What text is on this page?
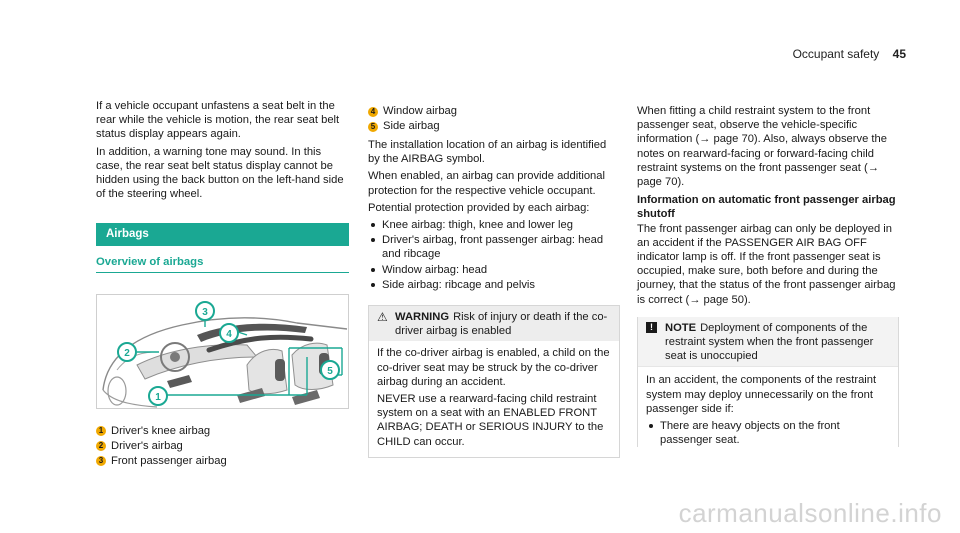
Occupant safety 45

If a vehicle occupant unfastens a seat belt in the rear while the vehicle is motion, the rear seat belt status display appears again.

In addition, a warning tone may sound. In this case, the rear seat belt status display cannot be hidden using the back button on the left-hand side of the steering wheel.

Airbags
Overview of airbags
1
2
3
4
5
1 Driver's knee airbag
2 Driver's airbag
3 Front passenger airbag
4 Window airbag
5 Side airbag

The installation location of an airbag is identified by the AIRBAG symbol.

When enabled, an airbag can provide additional protection for the respective vehicle occupant.

Potential protection provided by each airbag:

Knee airbag: thigh, knee and lower leg
Driver's airbag, front passenger airbag: head and ribcage
Window airbag: head
Side airbag: ribcage and pelvis
⚠ WARNING Risk of injury or death if the co-driver airbag is enabled

If the co-driver airbag is enabled, a child on the co-driver seat may be struck by the co-driver airbag during an accident.

NEVER use a rearward-facing child restraint system on a seat with an ENABLED FRONT AIRBAG; DEATH or SERIOUS INJURY to the CHILD can occur.

When fitting a child restraint system to the front passenger seat, observe the vehicle-specific information (→ page 70). Also, always observe the notes on rearward-facing or forward-facing child restraint systems on the front passenger seat (→ page 70).

Information on automatic front passenger airbag shutoff

The front passenger airbag can only be deployed in an accident if the PASSENGER AIR BAG OFF indicator lamp is off. If the front passenger seat is occupied, make sure, both before and during the journey, that the status of the front passenger airbag is correct (→ page 50).

!	NOTE Deployment of components of the restraint system when the front passenger seat is unoccupied

In an accident, the components of the restraint system may deploy unnecessarily on the front passenger side if:

There are heavy objects on the front passenger seat.
carmanualsonline.info
